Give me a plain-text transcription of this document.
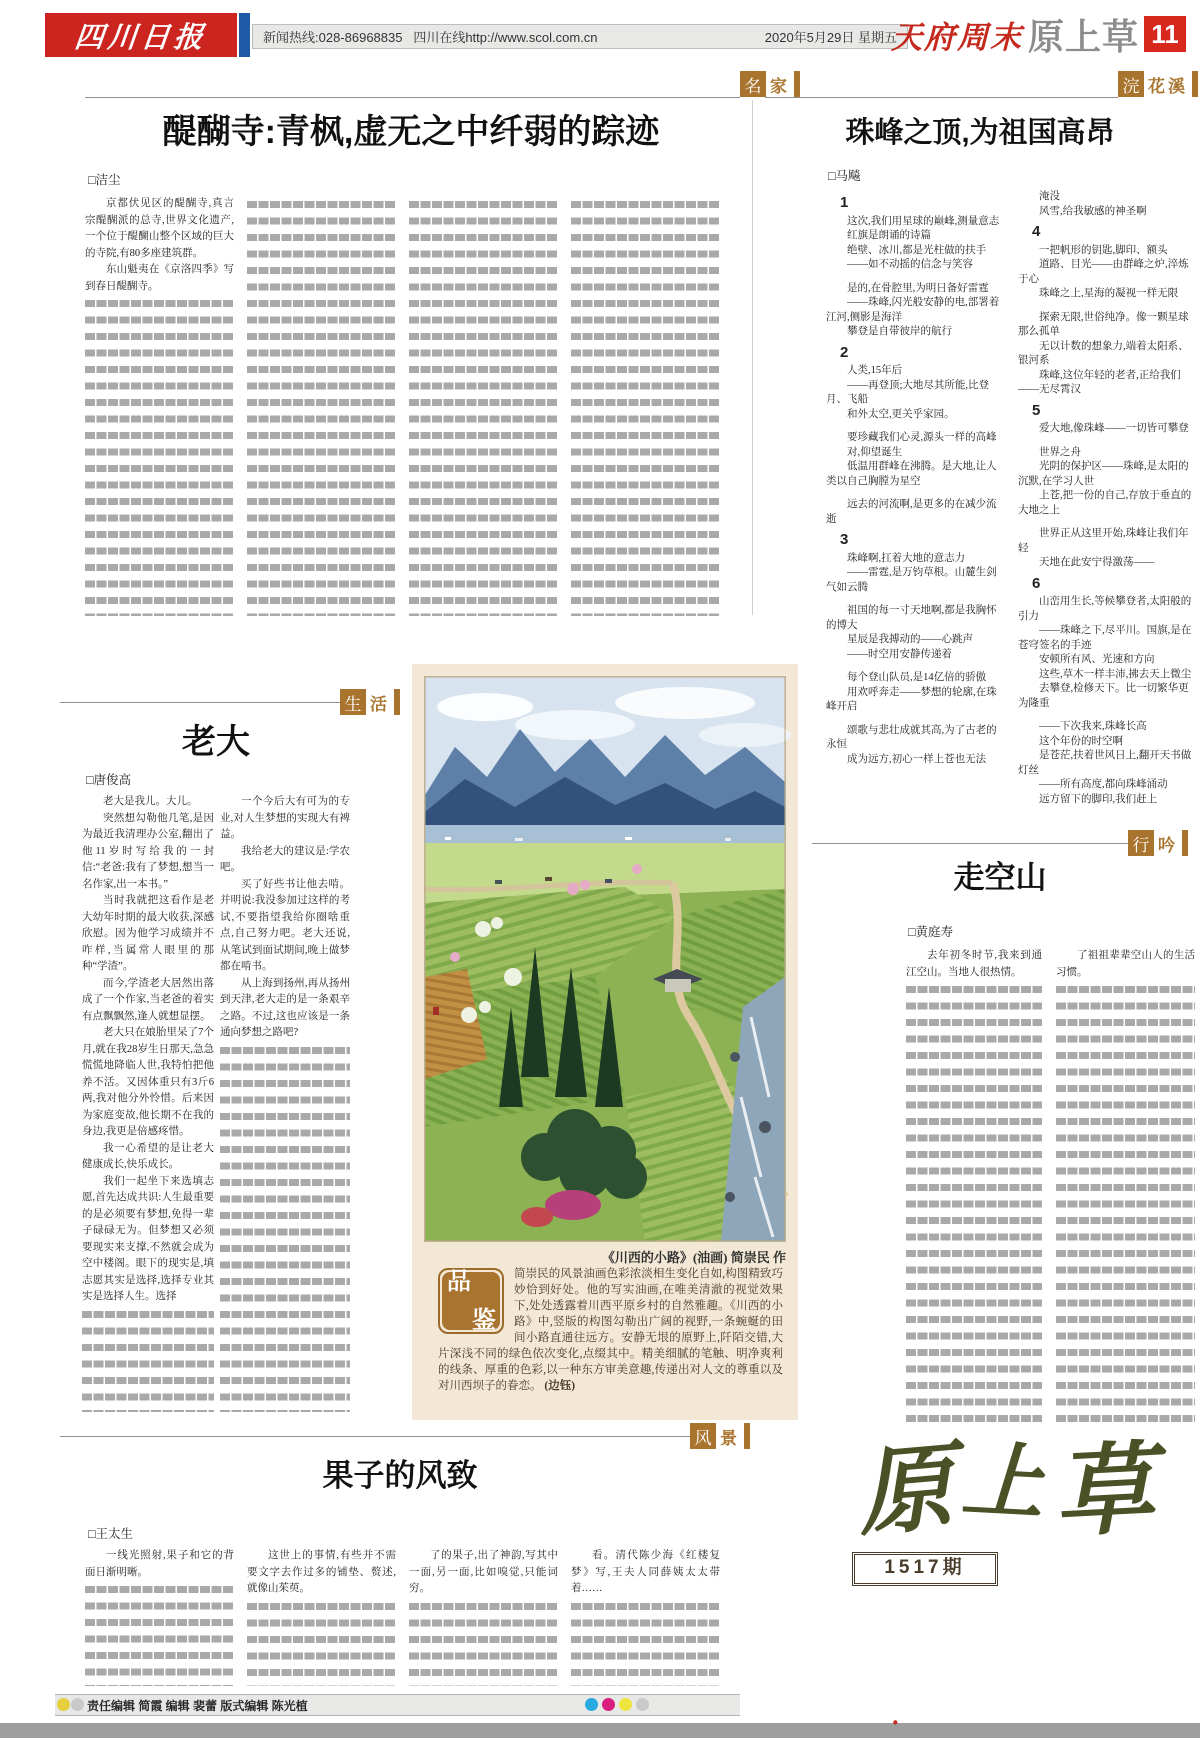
四川日报	新闻热线:028-86968835 四川在线http://www.scol.com.cn	2020年5月29日 星期五
天府周末
·
原上草 11
名 家	浣 花溪
醍醐寺:青枫,虚无之中纤弱的踪迹
□洁尘

京都伏见区的醍醐寺,真言宗醍醐派的总寺,世界文化遗产,一个位于醍醐山整个区域的巨大的寺院,有80多座建筑群。

东山魁夷在《京洛四季》写到春日醍醐寺。

珠峰之顶,为祖国高昂
□马飚
1

这次,我们用星球的巅峰,测量意志

红旗是朗诵的诗篇

绝壁、冰川,都是光柱做的扶手

——如不动摇的信念与笑容

是的,在骨腔里,为明日备好雷霆

——珠峰,闪光般安静的电,部署着江河,侧影是海洋

攀登是自带彼岸的航行

2

人类,15年后

——再登顶;大地尽其所能,比登月、飞船

和外太空,更关乎家园。

要珍藏我们心灵,源头一样的高峰

对,仰望诞生

低温用群峰在沸腾。是大地,让人类以自己胸膛为星空

远去的河流啊,是更多的在减少流逝

3

珠峰啊,扛着大地的意志力

——雷霆,是万钧草根。山麓生剑气如云腾

祖国的每一寸天地啊,都是我胸怀的博大

星辰是我搏动的——心跳声

——时空用安静传递着

每个登山队员,是14亿倍的骄傲

用欢呼奔走——梦想的轮廓,在珠峰开启

颂歌与悲壮成就其高,为了古老的永恒

成为远方,初心一样上苍也无法

淹没

风雪,给我敏感的神圣啊

4

一把帆形的钥匙,脚印、额头

道路、目光——由群峰之炉,淬炼于心

珠峰之上,星海的凝视一样无限

探索无限,世俗纯净。像一颗星球那么孤单

无以计数的想象力,端着太阳系、银河系

珠峰,这位年轻的老者,正给我们——无尽霄汉

5

爱大地,像珠峰——一切皆可攀登

世界之舟

光阴的保护区——珠峰,是太阳的沉默,在学习人世

上苍,把一份的自己,存放于垂直的大地之上

世界正从这里开始,珠峰让我们年轻

天地在此安宁得激荡——

6

山峦用生长,等候攀登者,太阳般的引力

——珠峰之下,尽平川。国旗,是在苍穹签名的手迹

安顿所有风、光速和方向

这些,草木一样丰沛,拂去天上微尘

去攀登,检修天下。比一切繁华更为隆重

——下次我来,珠峰长高

这个年份的时空啊

是苍茫,扶着世风日上,翻开天书做灯丝

——所有高度,都向珠峰涌动

远方留下的脚印,我们赶上

生 活
老大
□唐俊高

老大是我儿。大儿。

突然想勾勒他几笔,是因为最近我清理办公室,翻出了他11岁时写给我的一封信:“老爸:我有了梦想,想当一名作家,出一本书。”

当时我就把这看作是老大幼年时期的最大收获,深感欣慰。因为他学习成绩并不咋样,当属常人眼里的那种“学渣”。

而今,学渣老大居然出落成了一个作家,当老爸的着实有点飘飘然,逢人就想显摆。

老大只在娘胎里呆了7个月,就在我28岁生日那天,急急慌慌地降临人世,我特怕把他养不活。又因体重只有3斤6两,我对他分外怜惜。后来因为家庭变故,他长期不在我的身边,我更是倍感疼惜。

我一心希望的是让老大健康成长,快乐成长。

我们一起坐下来选填志愿,首先达成共识:人生最重要的是必须要有梦想,免得一辈子碌碌无为。但梦想又必须要现实来支撑,不然就会成为空中楼阁。眼下的现实是,填志愿其实是选择,选择专业其实是选择人生。选择

一个今后大有可为的专业,对人生梦想的实现大有裨益。

我给老大的建议是:学农吧。

买了好些书让他去啃。并明说:我没参加过这样的考试,不要指望我给你圈啥重点,自己努力吧。老大还说,从笔试到面试期间,晚上做梦都在啃书。

从上海到扬州,再从扬州到天津,老大走的是一条艰辛之路。不过,这也应该是一条通向梦想之路吧?

《川西的小路》(油画) 简崇民 作
品
鉴
简崇民的风景油画色彩浓淡相生变化自如,构图精致巧妙恰到好处。他的写实油画,在唯美清澈的视觉效果下,处处透露着川西平原乡村的自然雅趣。《川西的小路》中,竖版的构图勾勒出广阔的视野,一条蜿蜒的田间小路直通往远方。安静无垠的原野上,阡陌交错,大片深浅不同的绿色依次变化,点缀其中。精美细腻的笔触、明净爽利的线条、厚重的色彩,以一种东方审美意趣,传递出对人文的尊重以及对川西坝子的眷恋。 (边钰)
行 吟
走空山
□黄庭寿

去年初冬时节,我来到通江空山。当地人很热情。

了祖祖辈辈空山人的生活习惯。

风 景
果子的风致
□王太生

一线光照射,果子和它的背面日渐明晰。

这世上的事情,有些并不需要文字去作过多的铺垫、赘述,就像山茱萸。

了的果子,出了神韵,写其中一面,另一面,比如嗅觉,只能词穷。

看。清代陈少海《红楼复梦》写,王夫人同薛姨太太带着……

原 上 草
1517期
责任编辑 简霞 编辑 裴蕾 版式编辑 陈光植
